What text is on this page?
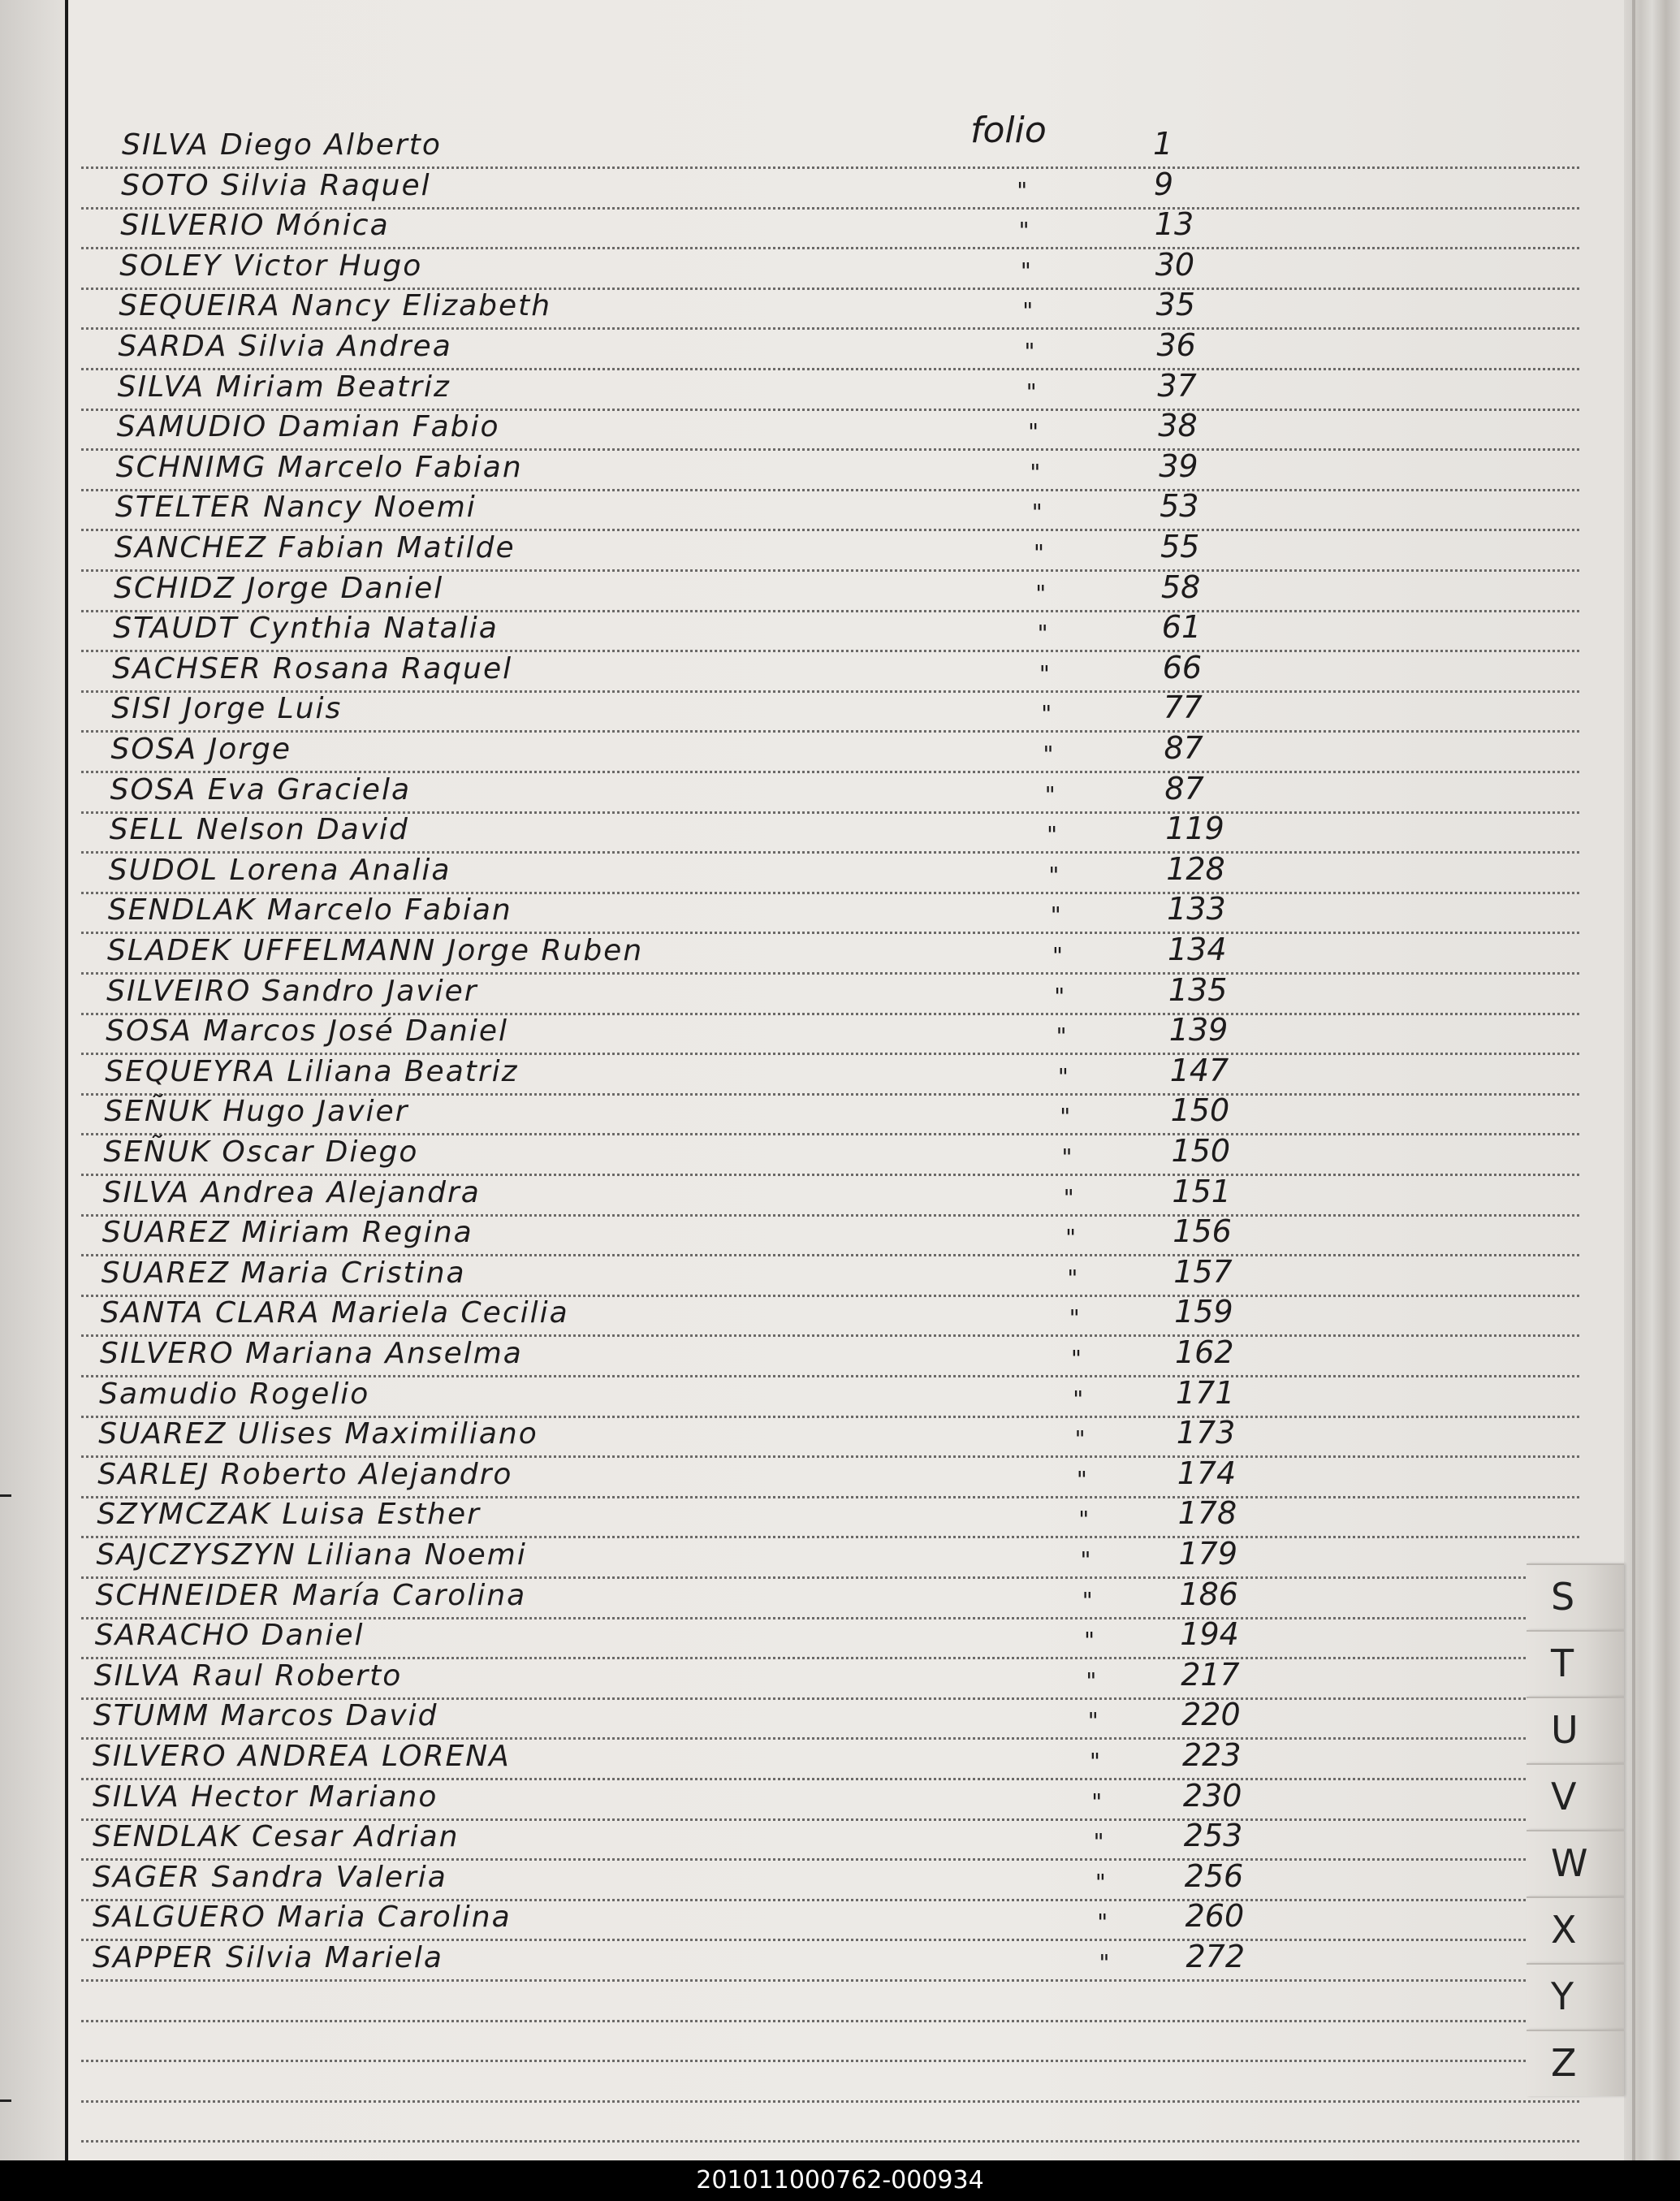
folio
SILVA Diego Alberto	1
SOTO Silvia Raquel	"	9
SILVERIO Mónica	"	13
SOLEY Victor Hugo	"	30
SEQUEIRA Nancy Elizabeth	"	35
SARDA Silvia Andrea	"	36
SILVA Miriam Beatriz	"	37
SAMUDIO Damian Fabio	"	38
SCHNIMG Marcelo Fabian	"	39
STELTER Nancy Noemi	"	53
SANCHEZ Fabian Matilde	"	55
SCHIDZ Jorge Daniel	"	58
STAUDT Cynthia Natalia	"	61
SACHSER Rosana Raquel	"	66
SISI Jorge Luis	"	77
SOSA Jorge	"	87
SOSA Eva Graciela	"	87
SELL Nelson David	"	119
SUDOL Lorena Analia	"	128
SENDLAK Marcelo Fabian	"	133
SLADEK UFFELMANN Jorge Ruben	"	134
SILVEIRO Sandro Javier	"	135
SOSA Marcos José Daniel	"	139
SEQUEYRA Liliana Beatriz	"	147
SEÑUK Hugo Javier	"	150
SEÑUK Oscar Diego	"	150
SILVA Andrea Alejandra	"	151
SUAREZ Miriam Regina	"	156
SUAREZ Maria Cristina	"	157
SANTA CLARA Mariela Cecilia	"	159
SILVERO Mariana Anselma	"	162
Samudio Rogelio	"	171
SUAREZ Ulises Maximiliano	"	173
SARLEJ Roberto Alejandro	"	174
SZYMCZAK Luisa Esther	"	178
SAJCZYSZYN Liliana Noemi	"	179
SCHNEIDER María Carolina	"	186
SARACHO Daniel	"	194
SILVA Raul Roberto	"	217
STUMM Marcos David	"	220
SILVERO ANDREA LORENA	"	223
SILVA Hector Mariano	"	230
SENDLAK Cesar Adrian	"	253
SAGER Sandra Valeria	"	256
SALGUERO Maria Carolina	"	260
SAPPER Silvia Mariela	" 272
S
T
U
V
W
X
Y
Z
201011000762-000934
